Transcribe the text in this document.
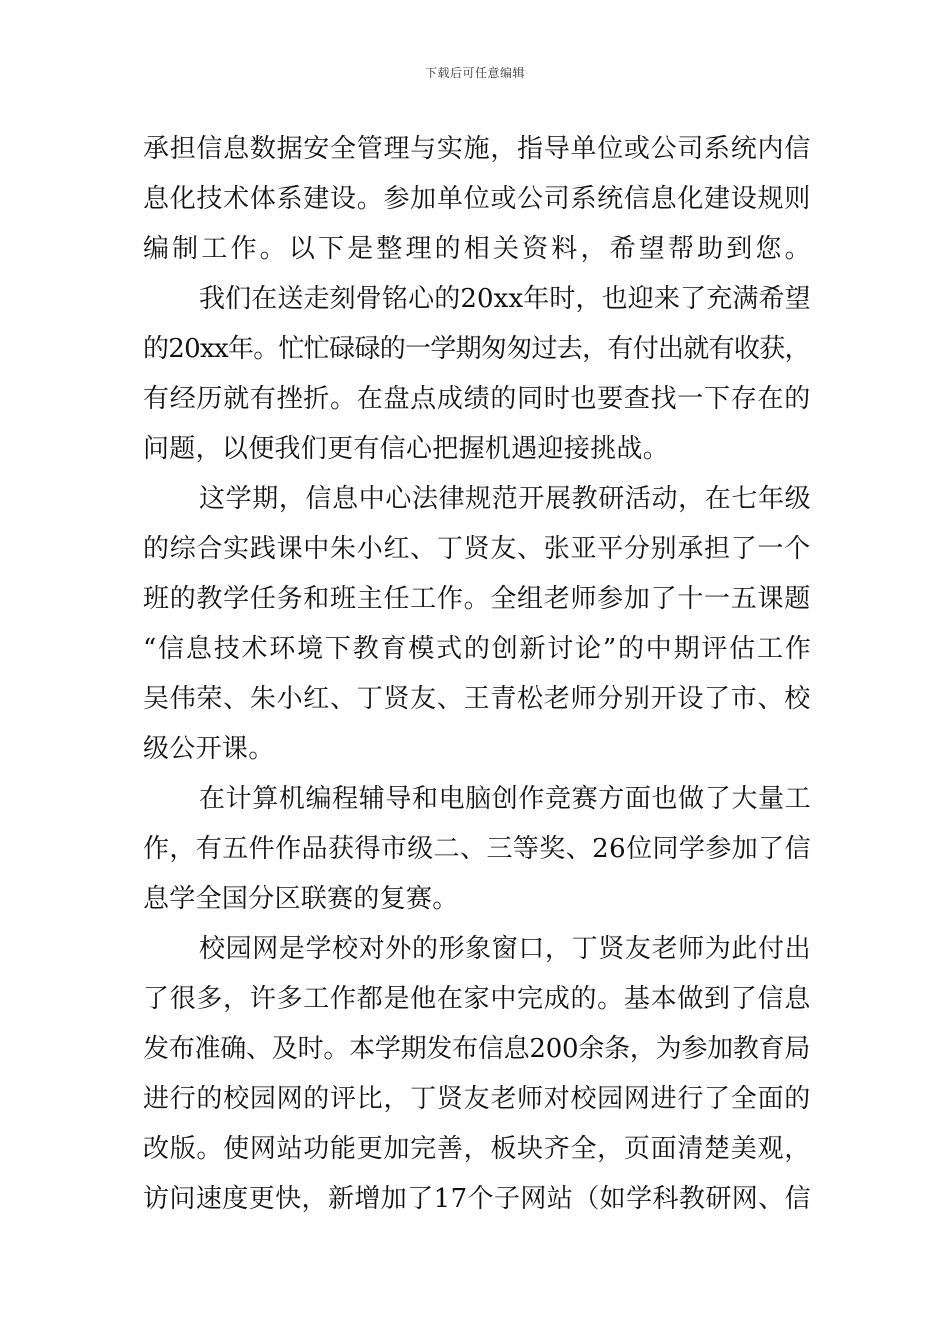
下载后可任意编辑
承担信息数据安全管理与实施，指导单位或公司系统内信
息化技术体系建设。参加单位或公司系统信息化建设规则
编制工作。以下是整理的相关资料，希望帮助到您。
我们在送走刻骨铭心的20xx年时，也迎来了充满希望
的20xx年。忙忙碌碌的一学期匆匆过去，有付出就有收获，
有经历就有挫折。在盘点成绩的同时也要查找一下存在的
问题，以便我们更有信心把握机遇迎接挑战。
这学期，信息中心法律规范开展教研活动，在七年级
的综合实践课中朱小红、丁贤友、张亚平分别承担了一个
班的教学任务和班主任工作。全组老师参加了十一五课题
“信息技术环境下教育模式的创新讨论”的中期评估工作
吴伟荣、朱小红、丁贤友、王青松老师分别开设了市、校
级公开课。
在计算机编程辅导和电脑创作竞赛方面也做了大量工
作，有五件作品获得市级二、三等奖、26位同学参加了信
息学全国分区联赛的复赛。
校园网是学校对外的形象窗口，丁贤友老师为此付出
了很多，许多工作都是他在家中完成的。基本做到了信息
发布准确、及时。本学期发布信息200余条，为参加教育局
进行的校园网的评比，丁贤友老师对校园网进行了全面的
改版。使网站功能更加完善，板块齐全，页面清楚美观，
访问速度更快，新增加了17个子网站（如学科教研网、信
